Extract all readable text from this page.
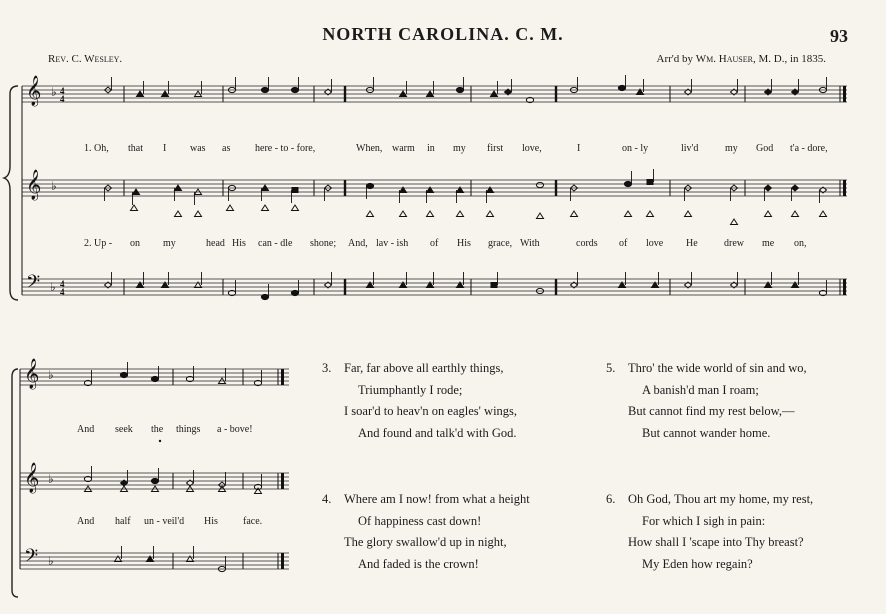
NORTH CAROLINA. C. M.	93
Rev. C. Wesley.	Arr'd by Wm. Hauser, M. D., in 1835.
𝄞
𝄞
𝄢
♭
♭
♭
4
4
4
4
𝄞
𝄞
𝄢
♭
♭
♭
1. Oh, that I was as here - to - fore,	When, warm in my first love,	I	on - ly	liv'd	my God t'a - dore,
2. Up - on my	head His can - dle shone; And, lav - ish of His grace, With	cords of love He	drew me on,
And seek the things a - bove!
And half un - veil'd His	face.
3. Far, far above all earthly things,
Triumphantly I rode;
I soar'd to heav'n on eagles' wings,
And found and talk'd with God.
5. Thro' the wide world of sin and wo,
A banish'd man I roam;
But cannot find my rest below,—
But cannot wander home.
4. Where am I now! from what a height
Of happiness cast down!
The glory swallow'd up in night,
And faded is the crown!
6. Oh God, Thou art my home, my rest,
For which I sigh in pain:
How shall I 'scape into Thy breast?
My Eden how regain?
